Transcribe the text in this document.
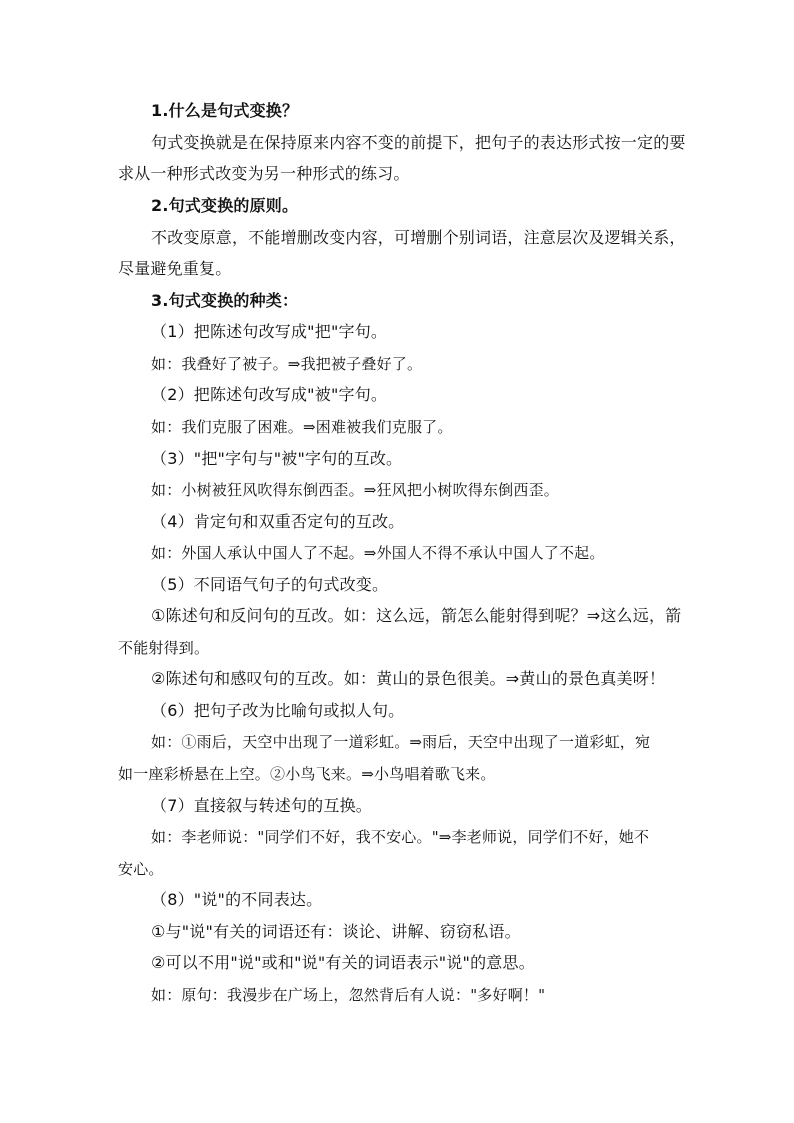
1.什么是句式变换？
句式变换就是在保持原来内容不变的前提下，把句子的表达形式按一定的要
求从一种形式改变为另一种形式的练习。
2.句式变换的原则。
不改变原意，不能增删改变内容，可增删个别词语，注意层次及逻辑关系，
尽量避免重复。
3.句式变换的种类：
（1）把陈述句改写成"把"字句。
如：我叠好了被子。⇒我把被子叠好了。
（2）把陈述句改写成"被"字句。
如：我们克服了困难。⇒困难被我们克服了。
（3）"把"字句与"被"字句的互改。
如：小树被狂风吹得东倒西歪。⇒狂风把小树吹得东倒西歪。
（4）肯定句和双重否定句的互改。
如：外国人承认中国人了不起。⇒外国人不得不承认中国人了不起。
（5）不同语气句子的句式改变。
①陈述句和反问句的互改。如：这么远，箭怎么能射得到呢？⇒这么远，箭
不能射得到。
②陈述句和感叹句的互改。如：黄山的景色很美。⇒黄山的景色真美呀！
（6）把句子改为比喻句或拟人句。
如：①雨后，天空中出现了一道彩虹。⇒雨后，天空中出现了一道彩虹，宛
如一座彩桥悬在上空。②小鸟飞来。⇒小鸟唱着歌飞来。
（7）直接叙与转述句的互换。
如：李老师说："同学们不好，我不安心。"⇒李老师说，同学们不好，她不
安心。
（8）"说"的不同表达。
①与"说"有关的词语还有：谈论、讲解、窃窃私语。
②可以不用"说"或和"说"有关的词语表示"说"的意思。
如：原句：我漫步在广场上，忽然背后有人说："多好啊！"
